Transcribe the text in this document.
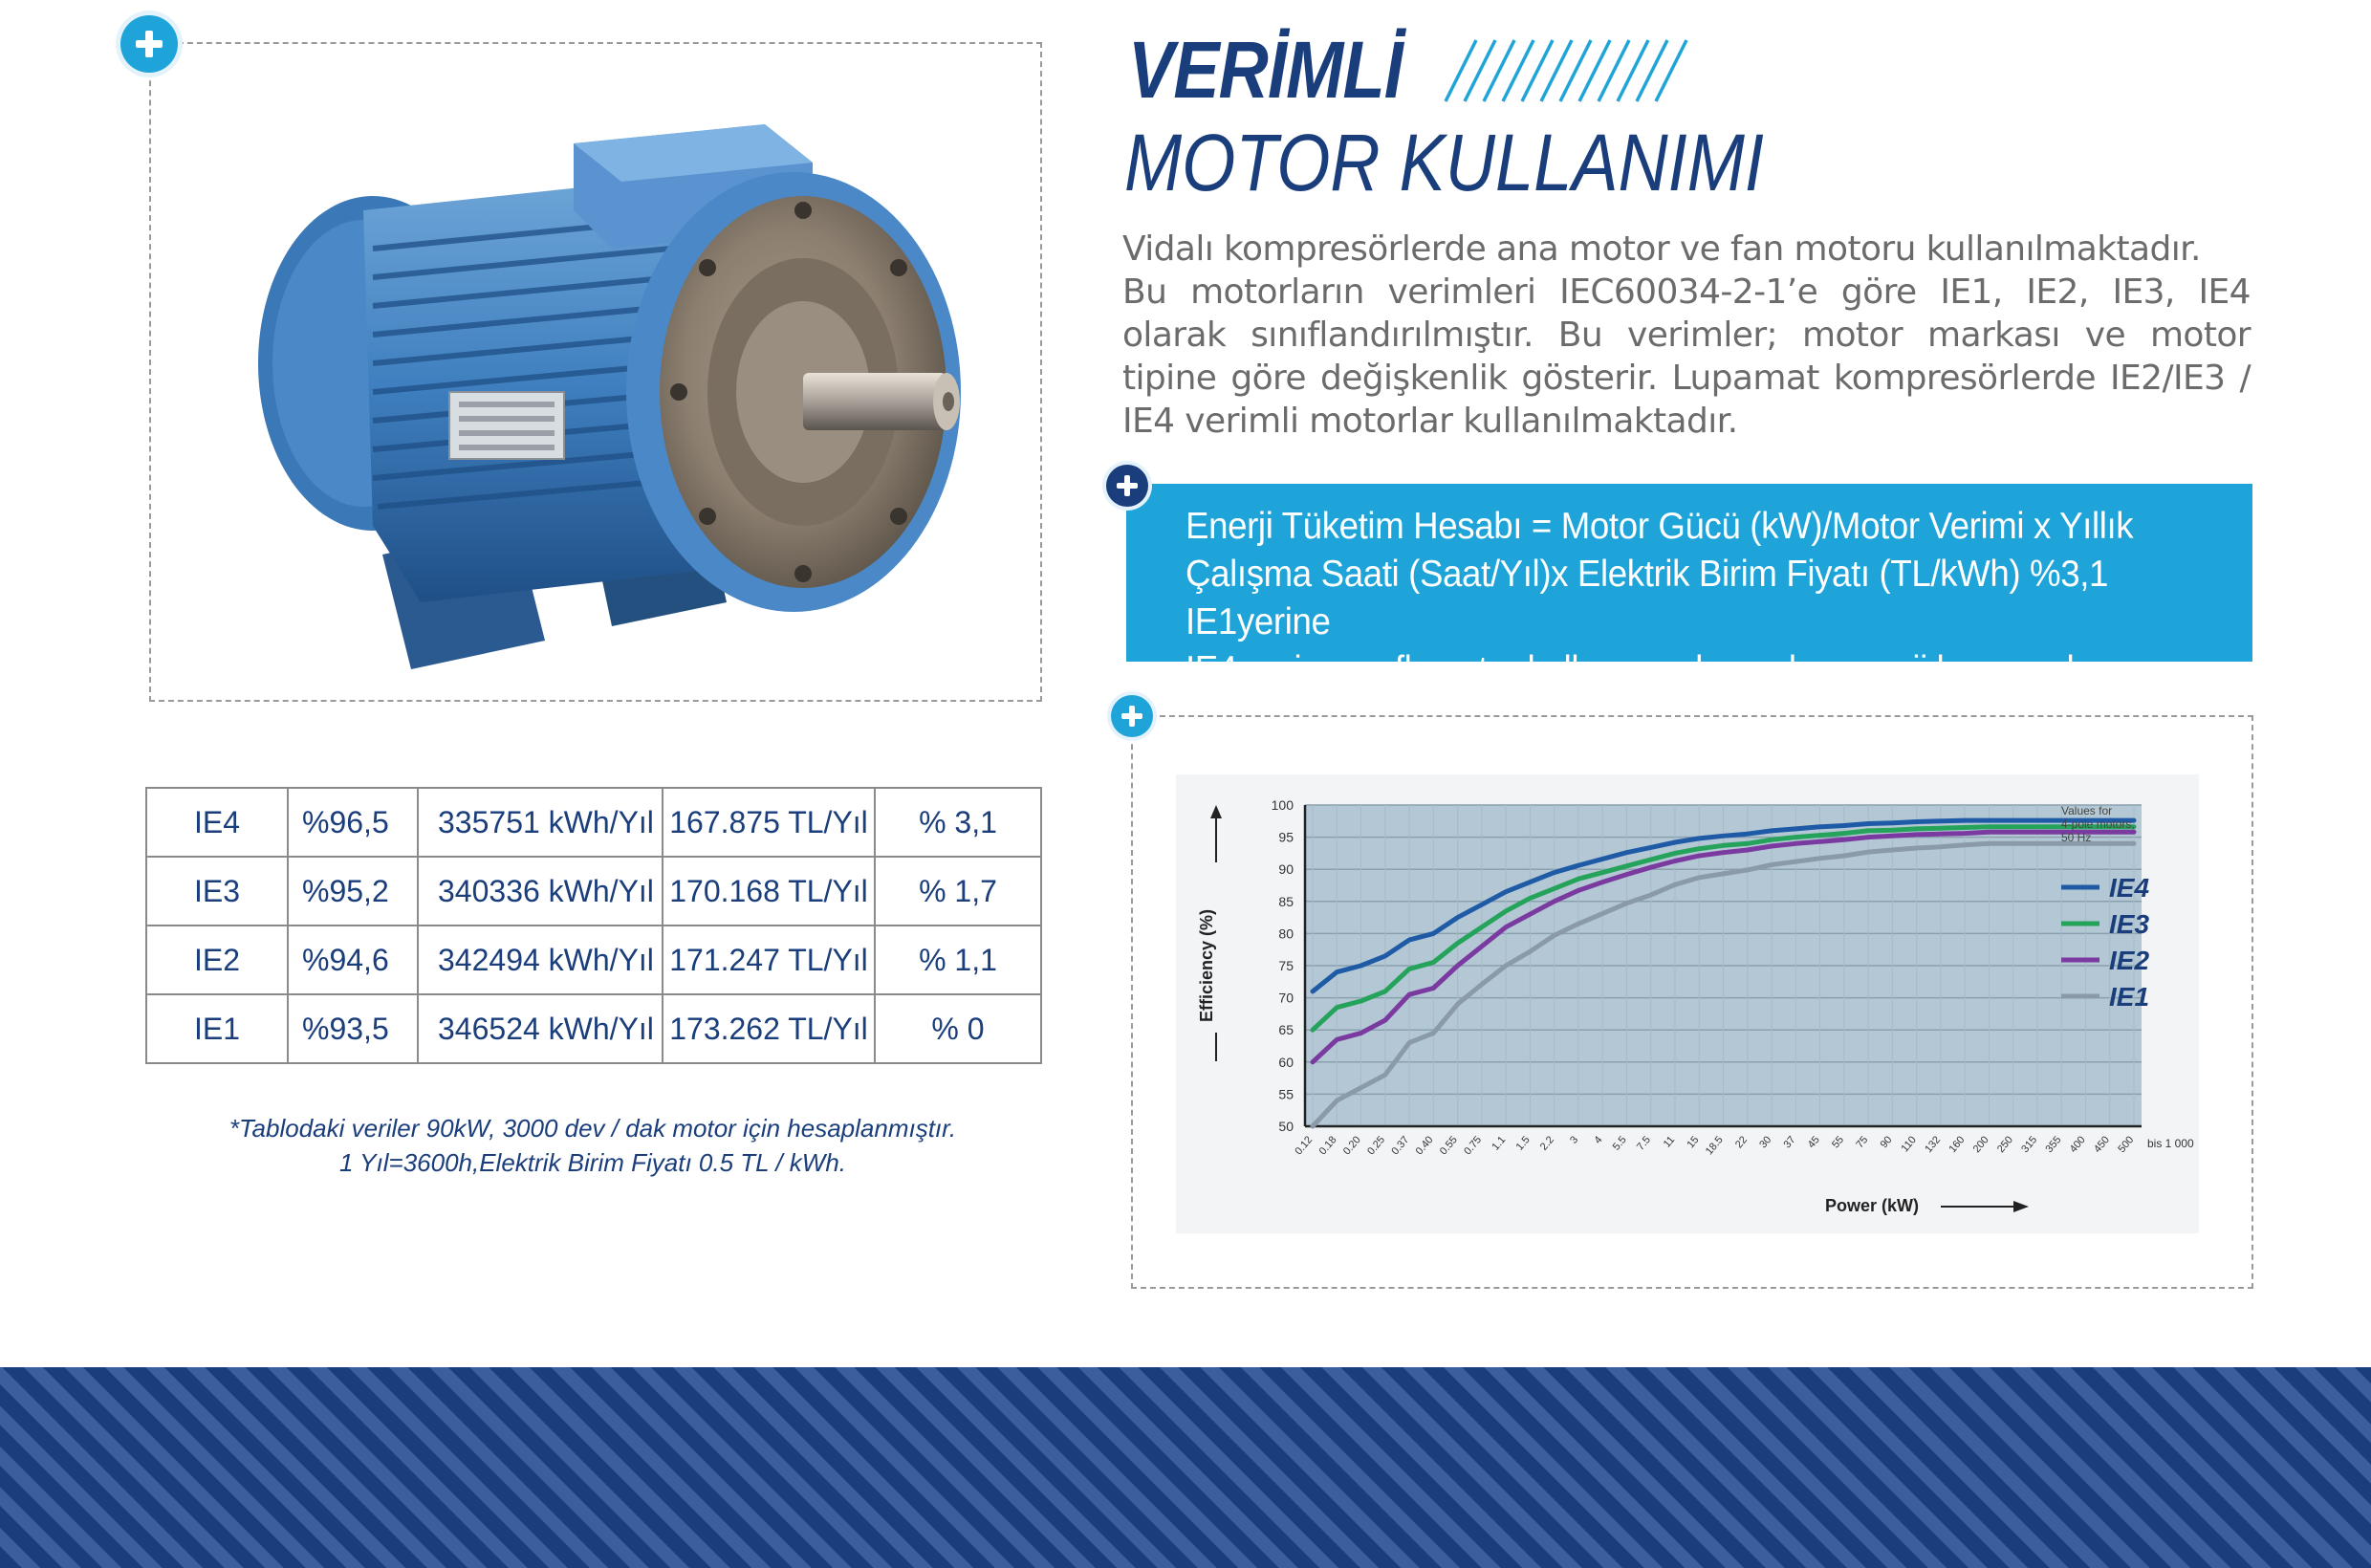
VERİMLİ
MOTOR KULLANIMI

Vidalı kompresörlerde ana motor ve fan motoru kullanılmaktadır.

Bu motorların verimleri IEC60034-2-1’e göre IE1, IE2, IE3, IE4 olarak sınıflandırılmıştır. Bu verimler; motor markası ve motor tipine göre değişkenlik gösterir. Lupamat kompresörlerde IE2/IE3 / IE4 verimli motorlar kullanılmaktadır.

Enerji Tüketim Hesabı = Motor Gücü (kW)/Motor Verimi x Yıllık
Çalışma Saati (Saat/Yıl)x Elektrik Birim Fiyatı (TL/kWh) %3,1 IE1yerine
IE4 verim sınıflı motor kullanımından gelen enerji kazancıdır.
IE4	%96,5	335751 kWh/Yıl	167.875 TL/Yıl	% 3,1
IE3	%95,2	340336 kWh/Yıl	170.168 TL/Yıl	% 1,7
IE2	%94,6	342494 kWh/Yıl	171.247 TL/Yıl	% 1,1
IE1	%93,5	346524 kWh/Yıl	173.262 TL/Yıl	% 0
*Tablodaki veriler 90kW, 3000 dev / dak motor için hesaplanmıştır.
1 Yıl=3600h,Elektrik Birim Fiyatı 0.5 TL / kWh.
50
55
60
65
70
75
80
85
90
95
100
0.12 0.18 0.20 0.25 0.37 0.40 0.55 0.75 1.1 1.5 2.2 3 4 5.5 7.5 11 15 18.5 22 30 37 45 55 75 90 110 132 160 200 250 315 355 400 450 500 bis 1 000
Efficiency (%)
Power (kW)
Values for
4-pole motors,
50 Hz
IE4
IE3
IE2
IE1
